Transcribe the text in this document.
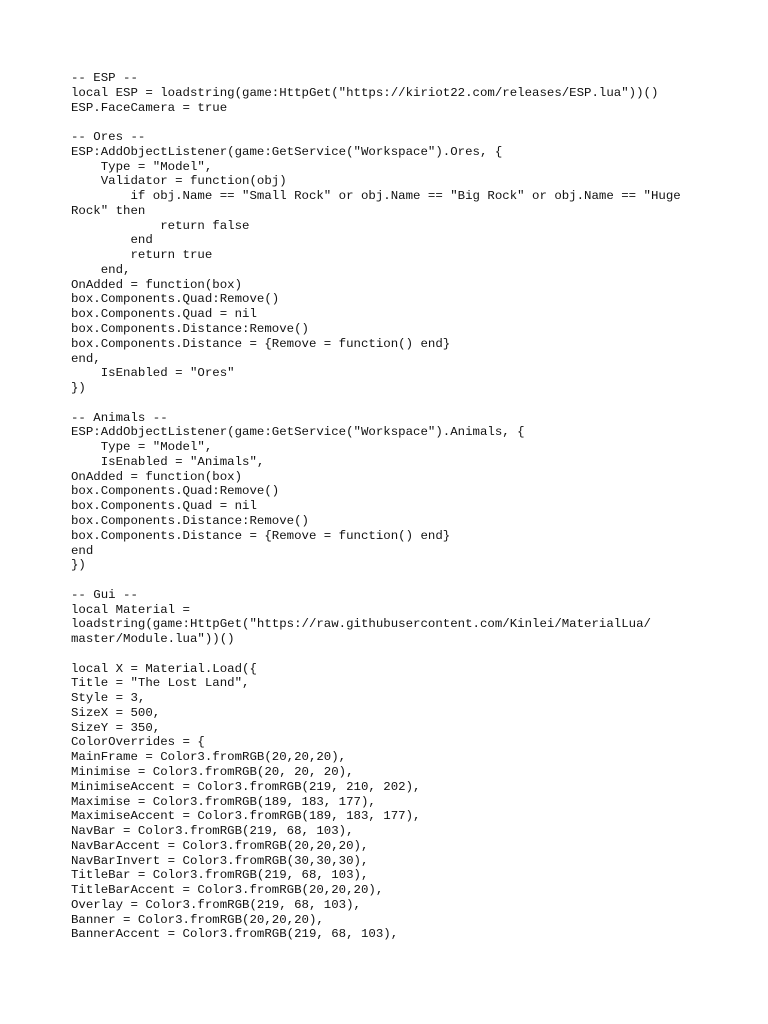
-- ESP --
local ESP = loadstring(game:HttpGet("https://kiriot22.com/releases/ESP.lua"))()
ESP.FaceCamera = true
-- Ores --
ESP:AddObjectListener(game:GetService("Workspace").Ores, {
Type = "Model",
Validator = function(obj)
if obj.Name == "Small Rock" or obj.Name == "Big Rock" or obj.Name == "Huge
Rock" then
return false
end
return true
end,
OnAdded = function(box)
box.Components.Quad:Remove()
box.Components.Quad = nil
box.Components.Distance:Remove()
box.Components.Distance = {Remove = function() end}
end,
IsEnabled = "Ores"
})
-- Animals --
ESP:AddObjectListener(game:GetService("Workspace").Animals, {
Type = "Model",
IsEnabled = "Animals",
OnAdded = function(box)
box.Components.Quad:Remove()
box.Components.Quad = nil
box.Components.Distance:Remove()
box.Components.Distance = {Remove = function() end}
end
})
-- Gui --
local Material =
loadstring(game:HttpGet("https://raw.githubusercontent.com/Kinlei/MaterialLua/
master/Module.lua"))()
local X = Material.Load({
Title = "The Lost Land",
Style = 3,
SizeX = 500,
SizeY = 350,
ColorOverrides = {
MainFrame = Color3.fromRGB(20,20,20),
Minimise = Color3.fromRGB(20, 20, 20),
MinimiseAccent = Color3.fromRGB(219, 210, 202),
Maximise = Color3.fromRGB(189, 183, 177),
MaximiseAccent = Color3.fromRGB(189, 183, 177),
NavBar = Color3.fromRGB(219, 68, 103),
NavBarAccent = Color3.fromRGB(20,20,20),
NavBarInvert = Color3.fromRGB(30,30,30),
TitleBar = Color3.fromRGB(219, 68, 103),
TitleBarAccent = Color3.fromRGB(20,20,20),
Overlay = Color3.fromRGB(219, 68, 103),
Banner = Color3.fromRGB(20,20,20),
BannerAccent = Color3.fromRGB(219, 68, 103),
